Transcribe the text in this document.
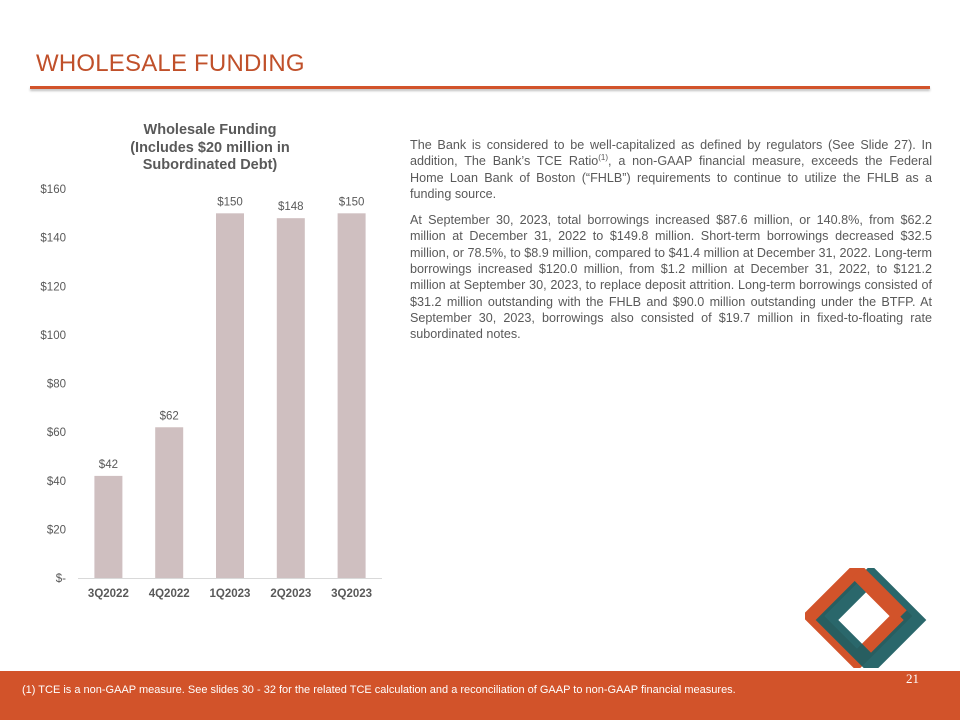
WHOLESALE FUNDING
Wholesale Funding
(Includes $20 million in
Subordinated Debt)
$-
$20
$40
$60
$80
$100
$120
$140
$160
$42
3Q2022
$62
4Q2022
$150
1Q2023
$148
2Q2023
$150
3Q2023

The Bank is considered to be well-capitalized as defined by regulators (See Slide 27). In addition, The Bank’s TCE Ratio$^{(1)}$, a non-GAAP financial measure, exceeds the Federal Home Loan Bank of Boston (“FHLB”) requirements to continue to utilize the FHLB as a funding source.

At September 30, 2023, total borrowings increased $87.6 million, or 140.8%, from $62.2 million at December 31, 2022 to $149.8 million. Short-term borrowings decreased $32.5 million, or 78.5%, to $8.9 million, compared to $41.4 million at December 31, 2022. Long-term borrowings increased $120.0 million, from $1.2 million at December 31, 2022, to $121.2 million at September 30, 2023, to replace deposit attrition. Long-term borrowings consisted of $31.2 million outstanding with the FHLB and $90.0 million outstanding under the BTFP. At September 30, 2023, borrowings also consisted of $19.7 million in fixed-to-floating rate subordinated notes.

(1) TCE is a non-GAAP measure. See slides 30 - 32 for the related TCE calculation and a reconciliation of GAAP to non-GAAP financial measures.
21
